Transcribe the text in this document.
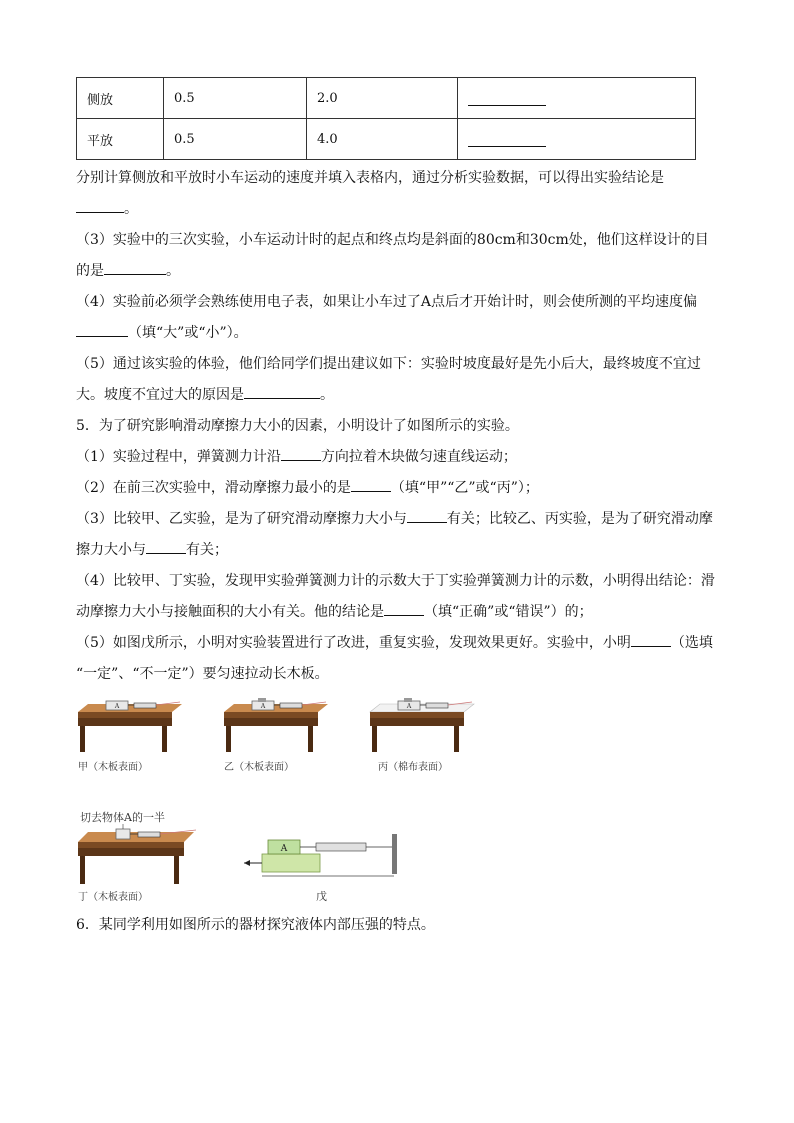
侧放	0.5	2.0	
平放	0.5	4.0	

分别计算侧放和平放时小车运动的速度并填入表格内，通过分析实验数据，可以得出实验结论是
。

（3）实验中的三次实验，小车运动计时的起点和终点均是斜面的80cm和30cm处，他们这样设计的目
的是	。

（4）实验前必须学会熟练使用电子表，如果让小车过了A点后才开始计时，则会使所测的平均速度偏
（填“大”或“小”）。

（5）通过该实验的体验，他们给同学们提出建议如下：实验时坡度最好是先小后大，最终坡度不宜过
大。坡度不宜过大的原因是	。

5．为了研究影响滑动摩擦力大小的因素，小明设计了如图所示的实验。

（1）实验过程中，弹簧测力计沿	方向拉着木块做匀速直线运动；

（2）在前三次实验中，滑动摩擦力最小的是	（填“甲”“乙”或“丙”）；

（3）比较甲、乙实验，是为了研究滑动摩擦力大小与	有关；比较乙、丙实验，是为了研究滑动摩
擦力大小与	有关；

（4）比较甲、丁实验，发现甲实验弹簧测力计的示数大于丁实验弹簧测力计的示数，小明得出结论：滑
动摩擦力大小与接触面积的大小有关。他的结论是	（填“正确”或“错误”）的；

（5）如图戊所示，小明对实验装置进行了改进，重复实验，发现效果更好。实验中，小明	（选填
“一定”、“不一定”）要匀速拉动长木板。

A
甲（木板表面）
A
乙（木板表面）
A
丙（棉布表面）
切去物体A的一半
丁（木板表面）
A
戊

6．某同学利用如图所示的器材探究液体内部压强的特点。
